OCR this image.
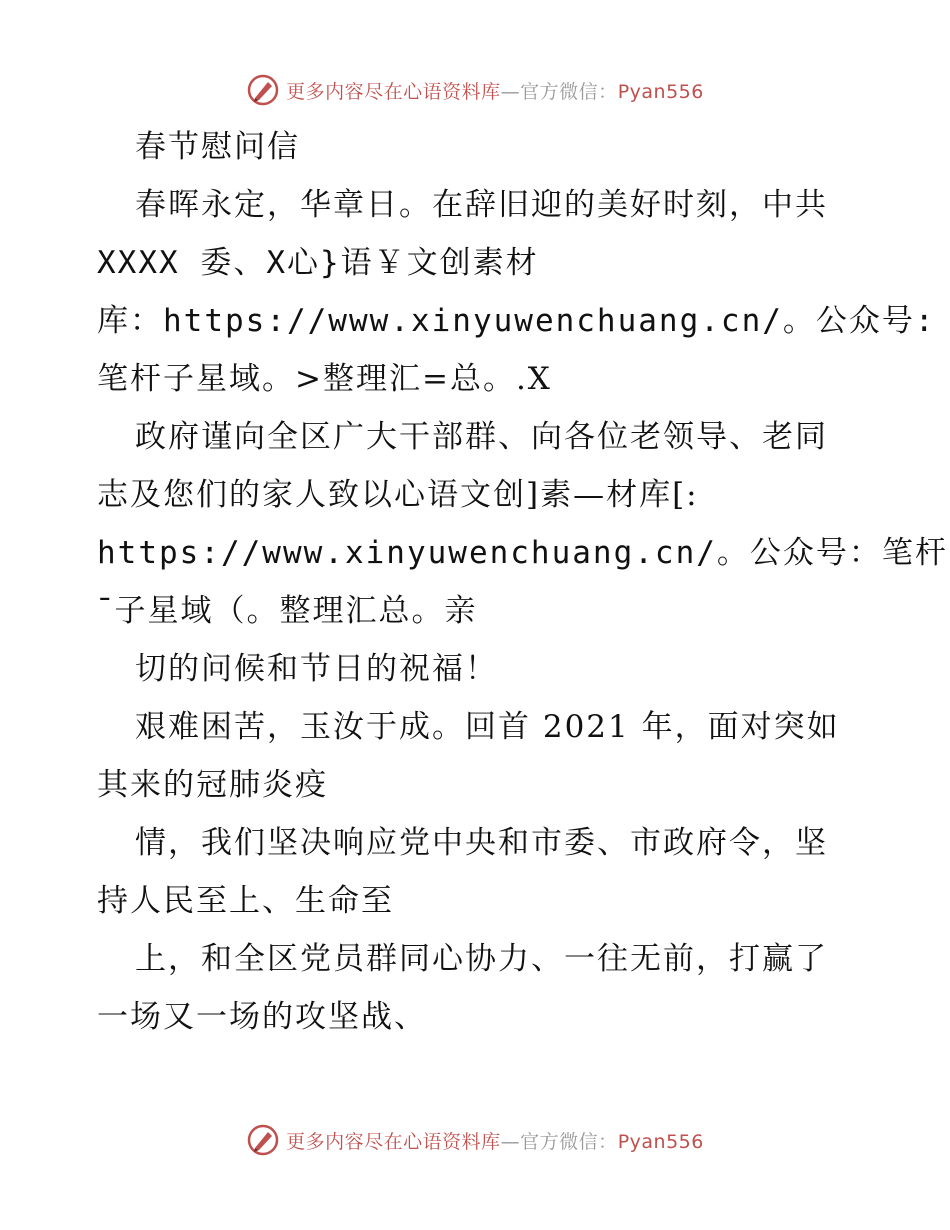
更多内容尽在心语资料库—官方微信：Pyan556
春节慰问信
春晖永定，华章日。在辞旧迎的美好时刻，中共
XXXX 委、X心}语￥文创素材
库：https://www.xinyuwenchuang.cn/。公众号:
笔杆子星域。>整理汇=总。.X
政府谨向全区广大干部群、向各位老领导、老同
志及您们的家人致以心语文创]素—材库[:
https://www.xinyuwenchuang.cn/。公众号：笔杆
¯子星域（。整理汇总。亲
切的问候和节日的祝福！
艰难困苦，玉汝于成。回首 2021 年，面对突如
其来的冠肺炎疫
情，我们坚决响应党中央和市委、市政府令，坚
持人民至上、生命至
上，和全区党员群同心协力、一往无前，打赢了
一场又一场的攻坚战、
更多内容尽在心语资料库—官方微信：Pyan556
